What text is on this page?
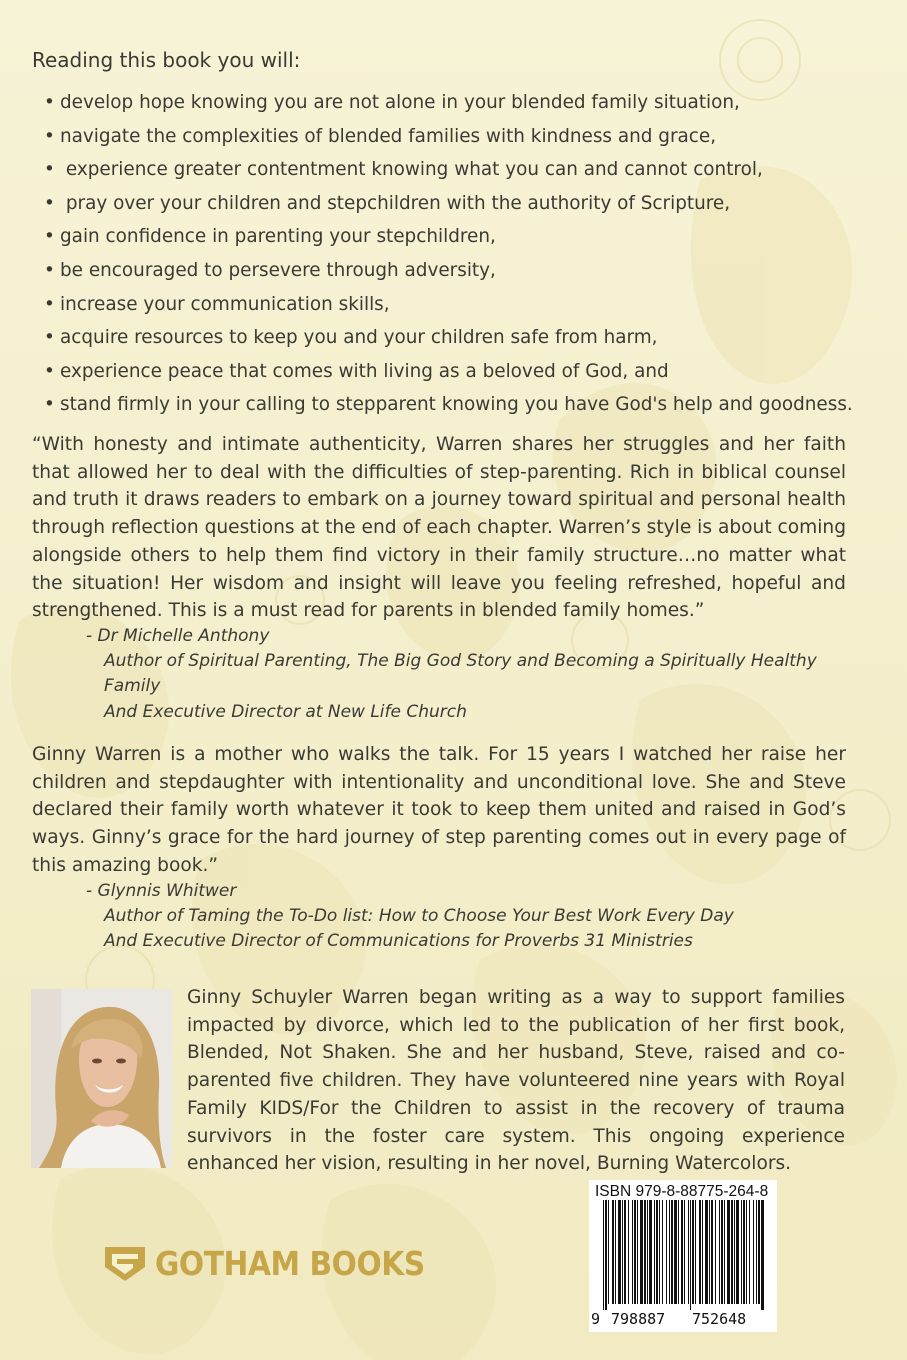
Reading this book you will:
• develop hope knowing you are not alone in your blended family situation,
• navigate the complexities of blended families with kindness and grace,
• experience greater contentment knowing what you can and cannot control,
• pray over your children and stepchildren with the authority of Scripture,
• gain confidence in parenting your stepchildren,
• be encouraged to persevere through adversity,
• increase your communication skills,
• acquire resources to keep you and your children safe from harm,
• experience peace that comes with living as a beloved of God, and
• stand firmly in your calling to stepparent knowing you have God's help and goodness.

“With honesty and intimate authenticity, Warren shares her struggles and her faith that allowed her to deal with the difficulties of step-parenting. Rich in biblical counsel and truth it draws readers to embark on a journey toward spiritual and personal health through reflection questions at the end of each chapter. Warren’s style is about coming alongside others to help them find victory in their family structure…no matter what the situation! Her wisdom and insight will leave you feeling refreshed, hopeful and strengthened. This is a must read for parents in blended family homes.”

- Dr Michelle Anthony
Author of Spiritual Parenting, The Big God Story and Becoming a Spiritually Healthy Family
And Executive Director at New Life Church

Ginny Warren is a mother who walks the talk. For 15 years I watched her raise her children and stepdaughter with intentionality and unconditional love. She and Steve declared their family worth whatever it took to keep them united and raised in God’s ways. Ginny’s grace for the hard journey of step parenting comes out in every page of this amazing book.”

- Glynnis Whitwer
Author of Taming the To-Do list: How to Choose Your Best Work Every Day
And Executive Director of Communications for Proverbs 31 Ministries

Ginny Schuyler Warren began writing as a way to support families impacted by divorce, which led to the publication of her first book, Blended, Not Shaken. She and her husband, Steve, raised and co-parented five children. They have volunteered nine years with Royal Family KIDS/For the Children to assist in the recovery of trauma survivors in the foster care system. This ongoing experience enhanced her vision, resulting in her novel, Burning Watercolors.

GOTHAM BOOKS
ISBN 979-8-88775-264-8
9 798887 752648
